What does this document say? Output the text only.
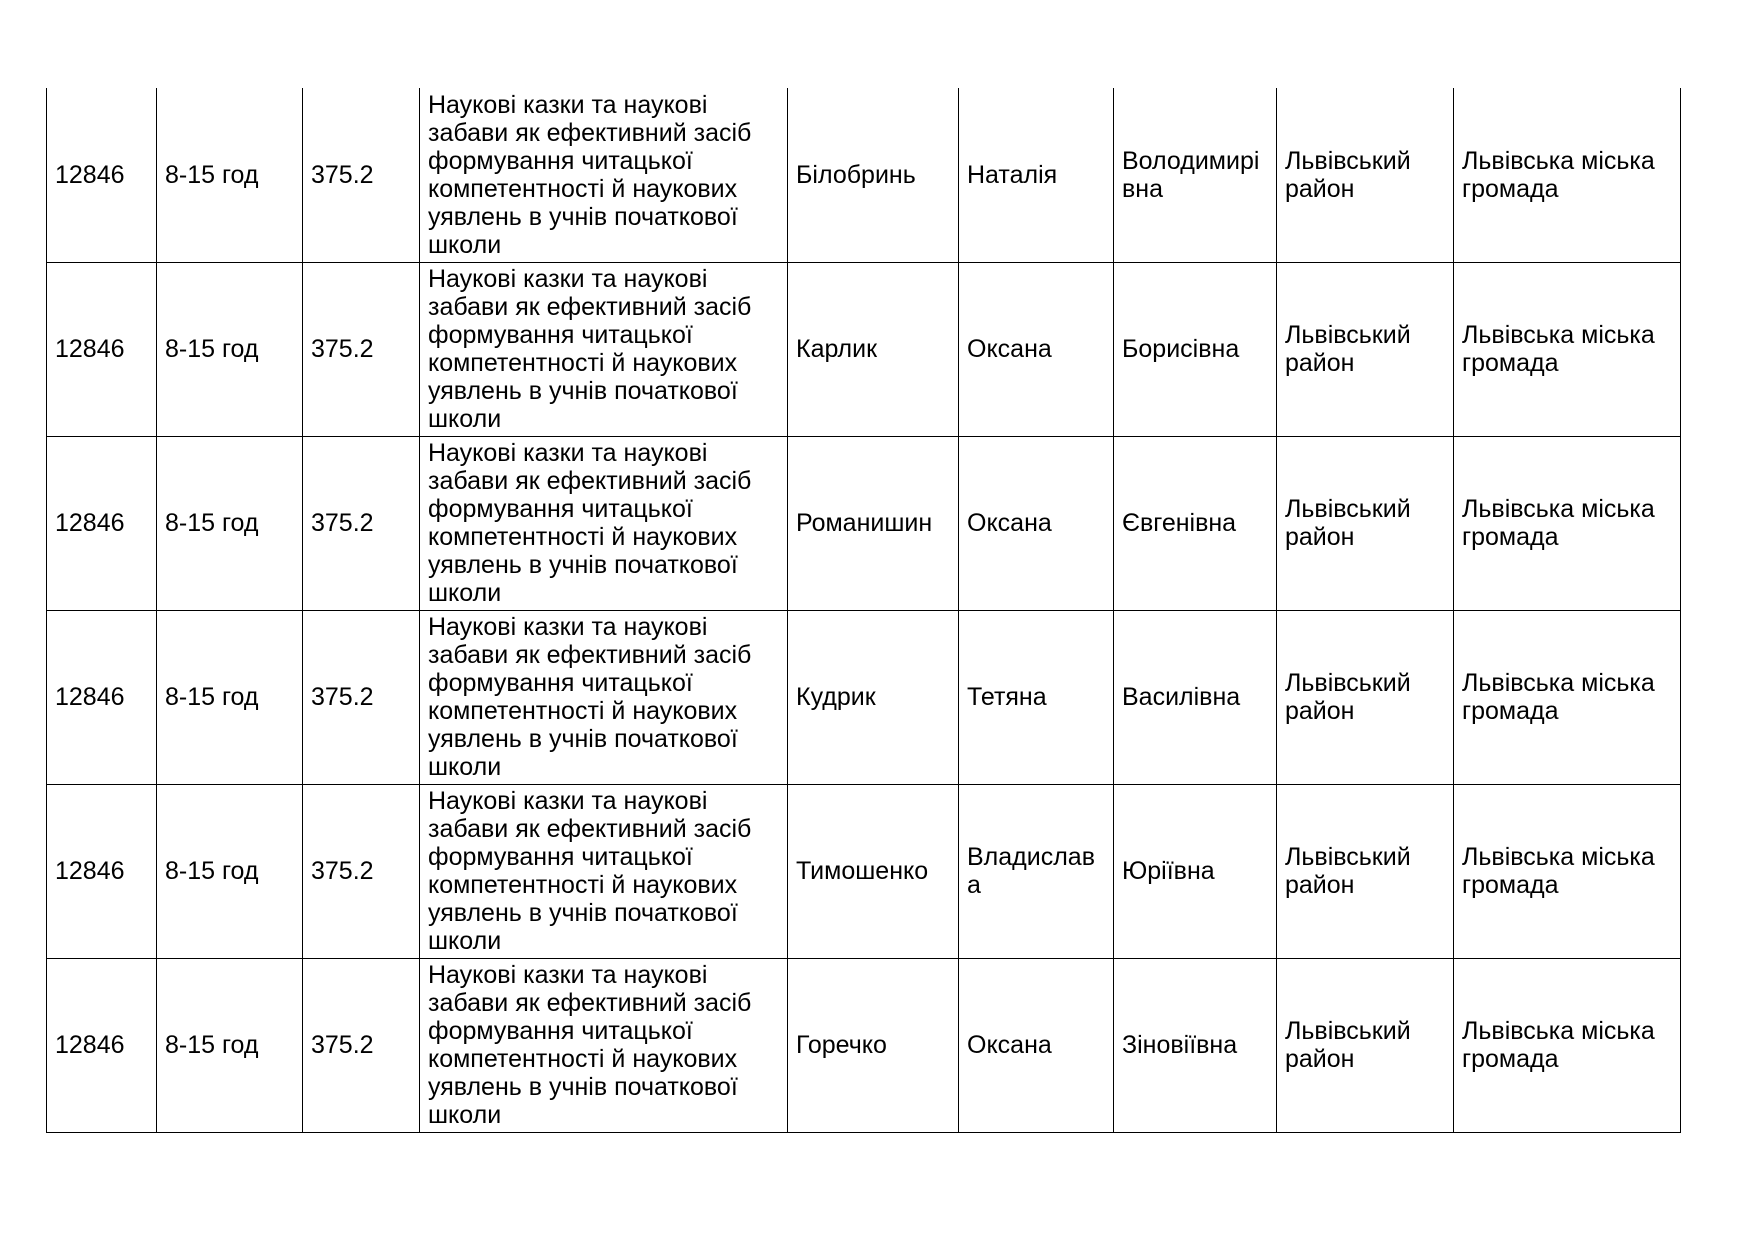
12846	8-15 год	375.2	Наукові казки та наукові забави як ефективний засіб формування читацької компетентності й наукових уявлень в учнів початкової школи	Білобринь	Наталія	Володимирівна	Львівський район	Львівська міська громада
12846	8-15 год	375.2	Наукові казки та наукові забави як ефективний засіб формування читацької компетентності й наукових уявлень в учнів початкової школи	Карлик	Оксана	Борисівна	Львівський район	Львівська міська громада
12846	8-15 год	375.2	Наукові казки та наукові забави як ефективний засіб формування читацької компетентності й наукових уявлень в учнів початкової школи	Романишин	Оксана	Євгенівна	Львівський район	Львівська міська громада
12846	8-15 год	375.2	Наукові казки та наукові забави як ефективний засіб формування читацької компетентності й наукових уявлень в учнів початкової школи	Кудрик	Тетяна	Василівна	Львівський район	Львівська міська громада
12846	8-15 год	375.2	Наукові казки та наукові забави як ефективний засіб формування читацької компетентності й наукових уявлень в учнів початкової школи	Тимошенко	Владислава	Юріївна	Львівський район	Львівська міська громада
12846	8-15 год	375.2	Наукові казки та наукові забави як ефективний засіб формування читацької компетентності й наукових уявлень в учнів початкової школи	Горечко	Оксана	Зіновіївна	Львівський район	Львівська міська громада
